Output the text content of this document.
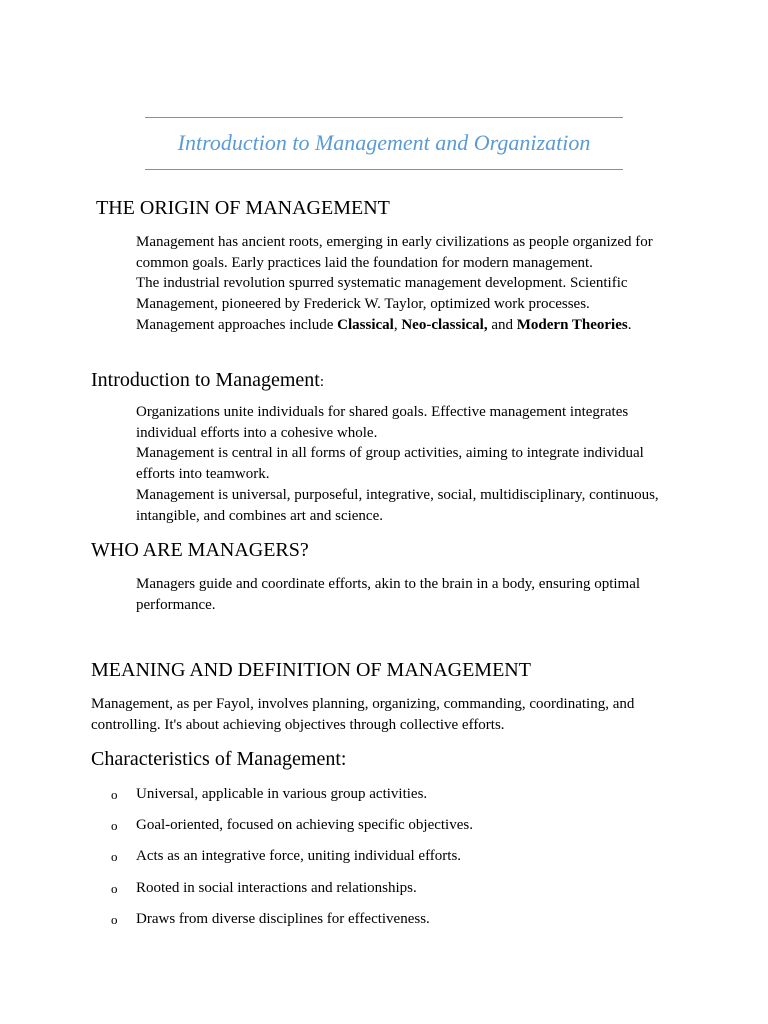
Introduction to Management and Organization
THE ORIGIN OF MANAGEMENT
Management has ancient roots, emerging in early civilizations as people organized for
common goals. Early practices laid the foundation for modern management.
The industrial revolution spurred systematic management development. Scientific
Management, pioneered by Frederick W. Taylor, optimized work processes.
Management approaches include Classical, Neo-classical, and Modern Theories.
Introduction to Management:
Organizations unite individuals for shared goals. Effective management integrates
individual efforts into a cohesive whole.
Management is central in all forms of group activities, aiming to integrate individual
efforts into teamwork.
Management is universal, purposeful, integrative, social, multidisciplinary, continuous,
intangible, and combines art and science.
WHO ARE MANAGERS?
Managers guide and coordinate efforts, akin to the brain in a body, ensuring optimal
performance.
MEANING AND DEFINITION OF MANAGEMENT
Management, as per Fayol, involves planning, organizing, commanding, coordinating, and
controlling. It's about achieving objectives through collective efforts.
Characteristics of Management:
o Universal, applicable in various group activities.
o Goal-oriented, focused on achieving specific objectives.
o Acts as an integrative force, uniting individual efforts.
o Rooted in social interactions and relationships.
o Draws from diverse disciplines for effectiveness.
